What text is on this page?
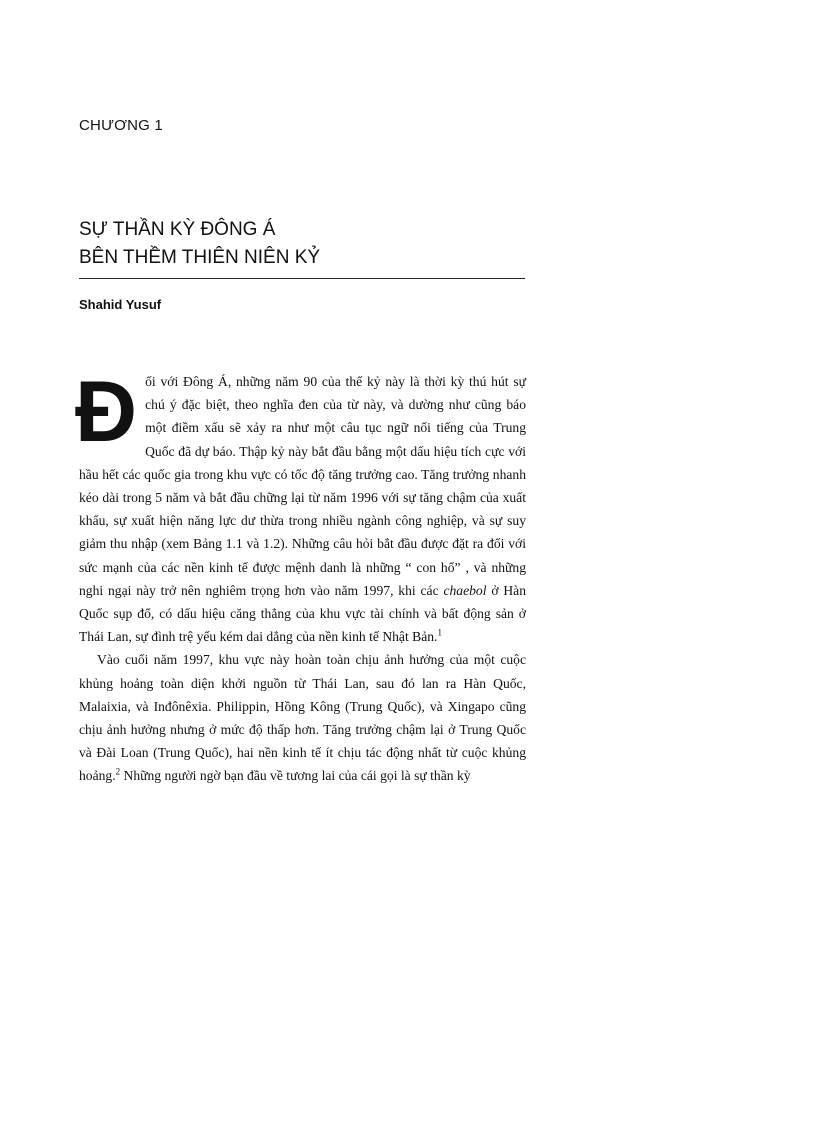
CHƯƠNG 1
SỰ THẦN KỲ ĐÔNG Á
BÊN THỀM THIÊN NIÊN KỶ
Shahid Yusuf

Đối với Đông Á, những năm 90 của thế kỷ này là thời kỳ thú hút sự chú ý đặc biệt, theo nghĩa đen của từ này, và dường như cũng báo một điềm xấu sẽ xảy ra như một câu tục ngữ nổi tiếng của Trung Quốc đã dự báo. Thập kỷ này bắt đầu bằng một dấu hiệu tích cực với hầu hết các quốc gia trong khu vực có tốc độ tăng trưởng cao. Tăng trưởng nhanh kéo dài trong 5 năm và bắt đầu chững lại từ năm 1996 với sự tăng chậm của xuất khẩu, sự xuất hiện năng lực dư thừa trong nhiều ngành công nghiệp, và sự suy giảm thu nhập (xem Bảng 1.1 và 1.2). Những câu hỏi bắt đầu được đặt ra đối với sức mạnh của các nền kinh tế được mệnh danh là những “ con hổ” , và những nghi ngại này trở nên nghiêm trọng hơn vào năm 1997, khi các chaebol ở Hàn Quốc sụp đổ, có dấu hiệu căng thẳng của khu vực tài chính và bất động sản ở Thái Lan, sự đình trệ yếu kém dai dẳng của nền kinh tế Nhật Bản.$^1$

Vào cuối năm 1997, khu vực này hoàn toàn chịu ảnh hưởng của một cuộc khủng hoảng toàn diện khởi nguồn từ Thái Lan, sau đó lan ra Hàn Quốc, Malaixia, và Inđônêxia. Philippin, Hồng Kông (Trung Quốc), và Xingapo cũng chịu ảnh hưởng nhưng ở mức độ thấp hơn. Tăng trưởng chậm lại ở Trung Quốc và Đài Loan (Trung Quốc), hai nền kinh tế ít chịu tác động nhất từ cuộc khủng hoảng.$^2$ Những người ngờ bạn đầu về tương lai của cái gọi là sự thần kỳ
